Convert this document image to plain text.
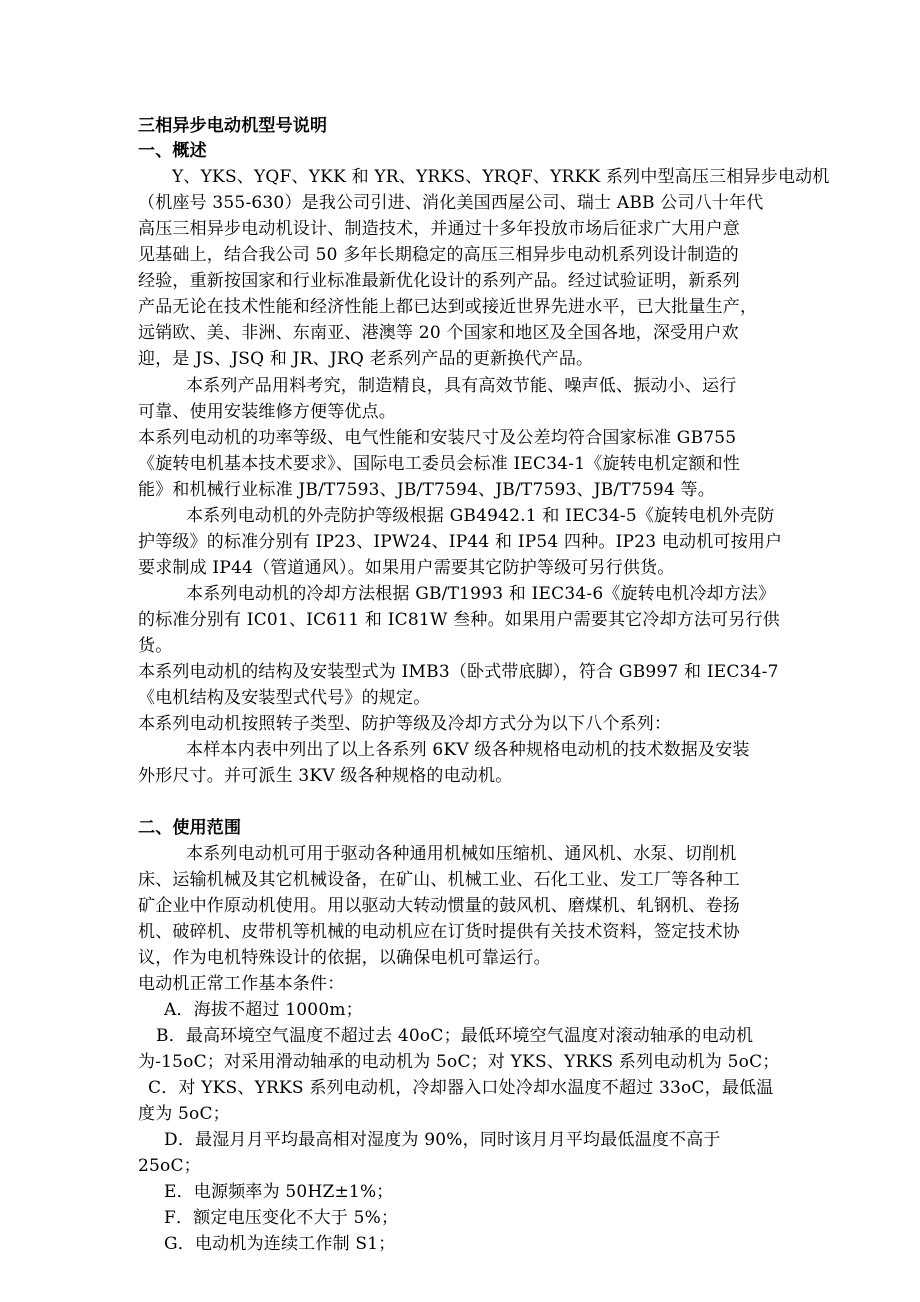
三相异步电动机型号说明
一、概述
Y、YKS、YQF、YKK 和 YR、YRKS、YRQF、YRKK 系列中型高压三相异步电动机
（机座号 355-630）是我公司引进、消化美国西屋公司、瑞士 ABB 公司八十年代
高压三相异步电动机设计、制造技术，并通过十多年投放市场后征求广大用户意
见基础上，结合我公司 50 多年长期稳定的高压三相异步电动机系列设计制造的
经验，重新按国家和行业标准最新优化设计的系列产品。经过试验证明，新系列
产品无论在技术性能和经济性能上都已达到或接近世界先进水平，已大批量生产，
远销欧、美、非洲、东南亚、港澳等 20 个国家和地区及全国各地，深受用户欢
迎，是 JS、JSQ 和 JR、JRQ 老系列产品的更新换代产品。
本系列产品用料考究，制造精良，具有高效节能、噪声低、振动小、运行
可靠、使用安装维修方便等优点。
本系列电动机的功率等级、电气性能和安装尺寸及公差均符合国家标准 GB755
《旋转电机基本技术要求》、国际电工委员会标准 IEC34-1《旋转电机定额和性
能》和机械行业标准 JB/T7593、JB/T7594、JB/T7593、JB/T7594 等。
本系列电动机的外壳防护等级根据 GB4942.1 和 IEC34-5《旋转电机外壳防
护等级》的标准分别有 IP23、IPW24、IP44 和 IP54 四种。IP23 电动机可按用户
要求制成 IP44（管道通风）。如果用户需要其它防护等级可另行供货。
本系列电动机的冷却方法根据 GB/T1993 和 IEC34-6《旋转电机冷却方法》
的标准分别有 IC01、IC611 和 IC81W 叁种。如果用户需要其它冷却方法可另行供
货。
本系列电动机的结构及安装型式为 IMB3（卧式带底脚），符合 GB997 和 IEC34-7
《电机结构及安装型式代号》的规定。
本系列电动机按照转子类型、防护等级及冷却方式分为以下八个系列：
本样本内表中列出了以上各系列 6KV 级各种规格电动机的技术数据及安装
外形尺寸。并可派生 3KV 级各种规格的电动机。
二、使用范围
本系列电动机可用于驱动各种通用机械如压缩机、通风机、水泵、切削机
床、运输机械及其它机械设备，在矿山、机械工业、石化工业、发工厂等各种工
矿企业中作原动机使用。用以驱动大转动惯量的鼓风机、磨煤机、轧钢机、卷扬
机、破碎机、皮带机等机械的电动机应在订货时提供有关技术资料，签定技术协
议，作为电机特殊设计的依据，以确保电机可靠运行。
电动机正常工作基本条件：
A．海拔不超过 1000m；
B．最高环境空气温度不超过去 40oC；最低环境空气温度对滚动轴承的电动机
为-15oC；对采用滑动轴承的电动机为 5oC；对 YKS、YRKS 系列电动机为 5oC；
C．对 YKS、YRKS 系列电动机，冷却器入口处冷却水温度不超过 33oC，最低温
度为 5oC；
D．最湿月月平均最高相对湿度为 90%，同时该月月平均最低温度不高于
25oC；
E．电源频率为 50HZ±1%；
F．额定电压变化不大于 5%；
G．电动机为连续工作制 S1；
